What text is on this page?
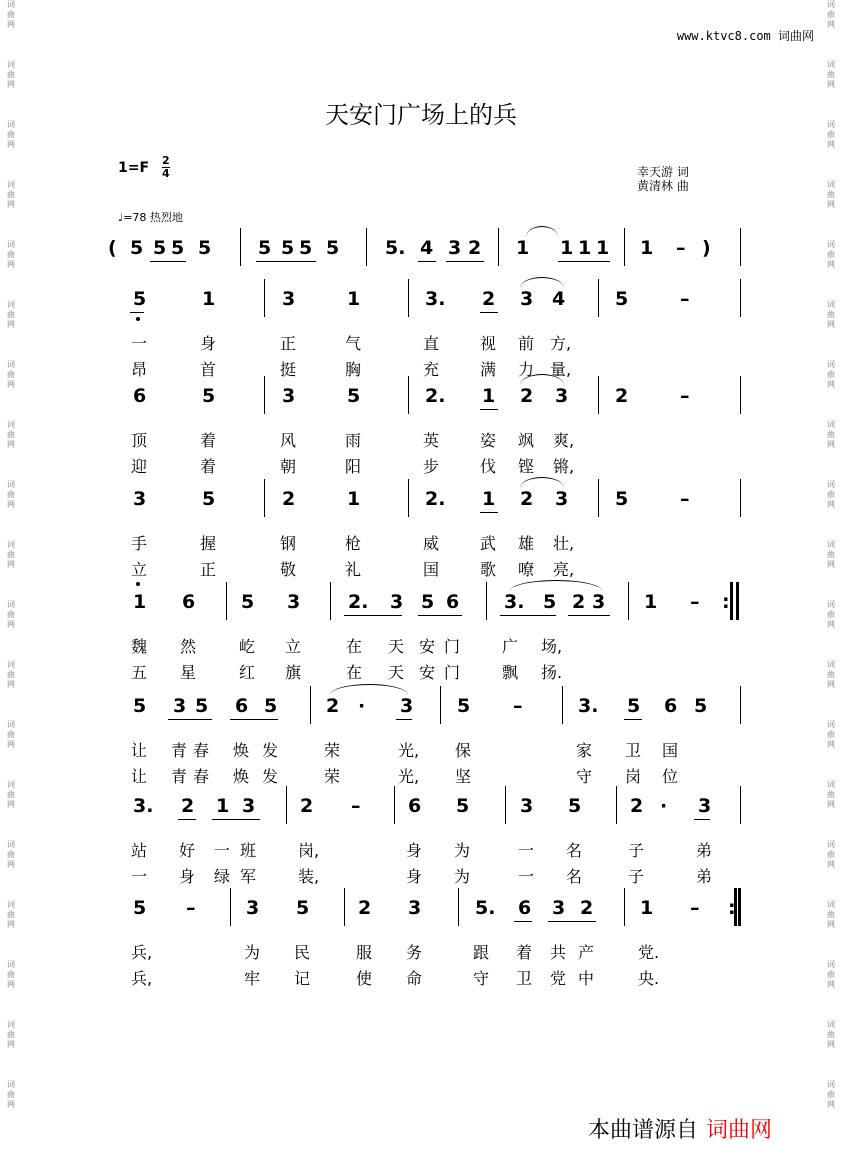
词
曲
网
词
曲
网
词
曲
网
词
曲
网
词
曲
网
词
曲
网
词
曲
网
词
曲
网
词
曲
网
词
曲
网
词
曲
网
词
曲
网
词
曲
网
词
曲
网
词
曲
网
词
曲
网
词
曲
网
词
曲
网
词
曲
网
词
曲
网
词
曲
网
词
曲
网
词
曲
网
词
曲
网
词
曲
网
词
曲
网
词
曲
网
词
曲
网
词
曲
网
词
曲
网
词
曲
网
词
曲
网
词
曲
网
词
曲
网
词
曲
网
词
曲
网
词
曲
网
词
曲
网
www.ktvc8.com 词曲网
天安门广场上的兵
1=F 2
4	幸天游 词
黄清林 曲
♩=78 热烈地
( 5 5 5 5 5 5 5 5 5. 4 3 2 1 1 1 1 1 – )
5	1	3	1	3. 2 3 4	5	–
一	身	正	气	直	视 前 方,
昂	首	挺	胸	充	满 力 量,
6	5	3	5	2. 1 2 3 2	–
顶	着	风	雨	英	姿 飒 爽,
迎	着	朝	阳	步	伐 铿 锵,
3	5	2	1	2. 1 2 3 5	–
手	握	钢	枪	威	武 雄 壮,
立	正	敬	礼	国	歌 嘹 亮,
1 6 5 3	2. 3 5 6 3. 5 2 3 1 – :
魏 然	屹 立	在 天 安 门	广 场,
五 星	红 旗	在 天 安 门	飘 扬.
5 3 5 6 5	2 · 3 5 –	3. 5 6 5
让 青 春 焕 发	荣	光, 保	家 卫 国
让 青 春 焕 发	荣	光, 坚	守 岗 位
3. 2 1 3 2 –	6 5	3 5	2 · 3
站 好 一 班	岗,	身 为	一 名	子	弟
一 身 绿 军	装,	身 为	一 名	子	弟
5 –	3 5	2 3	5. 6 3 2 1 – :
兵,	为 民	服 务	跟 着 共 产	党.
兵,	牢 记	使 命	守 卫 党 中	央.
本曲谱源自 词曲网
